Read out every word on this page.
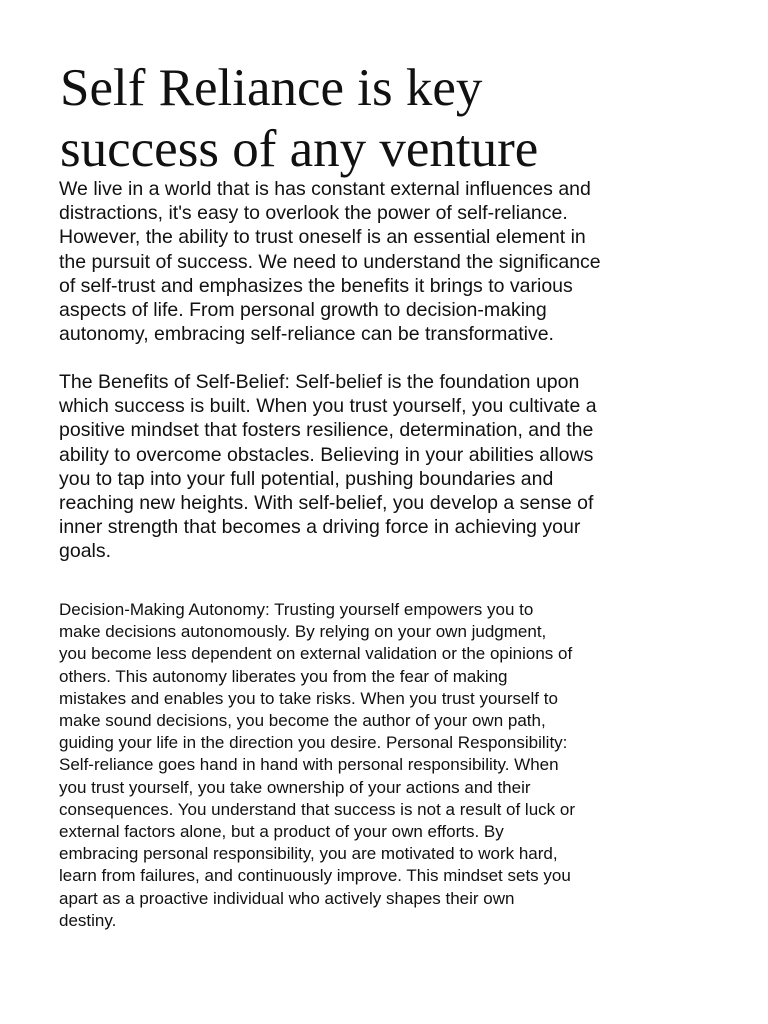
Self Reliance is key
success of any venture

We live in a world that is has constant external influences and
distractions, it's easy to overlook the power of self-reliance.
However, the ability to trust oneself is an essential element in
the pursuit of success. We need to understand the significance
of self-trust and emphasizes the benefits it brings to various
aspects of life. From personal growth to decision-making
autonomy, embracing self-reliance can be transformative.

The Benefits of Self-Belief: Self-belief is the foundation upon
which success is built. When you trust yourself, you cultivate a
positive mindset that fosters resilience, determination, and the
ability to overcome obstacles. Believing in your abilities allows
you to tap into your full potential, pushing boundaries and
reaching new heights. With self-belief, you develop a sense of
inner strength that becomes a driving force in achieving your
goals.

Decision-Making Autonomy: Trusting yourself empowers you to
make decisions autonomously. By relying on your own judgment,
you become less dependent on external validation or the opinions of
others. This autonomy liberates you from the fear of making
mistakes and enables you to take risks. When you trust yourself to
make sound decisions, you become the author of your own path,
guiding your life in the direction you desire. Personal Responsibility:
Self-reliance goes hand in hand with personal responsibility. When
you trust yourself, you take ownership of your actions and their
consequences. You understand that success is not a result of luck or
external factors alone, but a product of your own efforts. By
embracing personal responsibility, you are motivated to work hard,
learn from failures, and continuously improve. This mindset sets you
apart as a proactive individual who actively shapes their own
destiny.
